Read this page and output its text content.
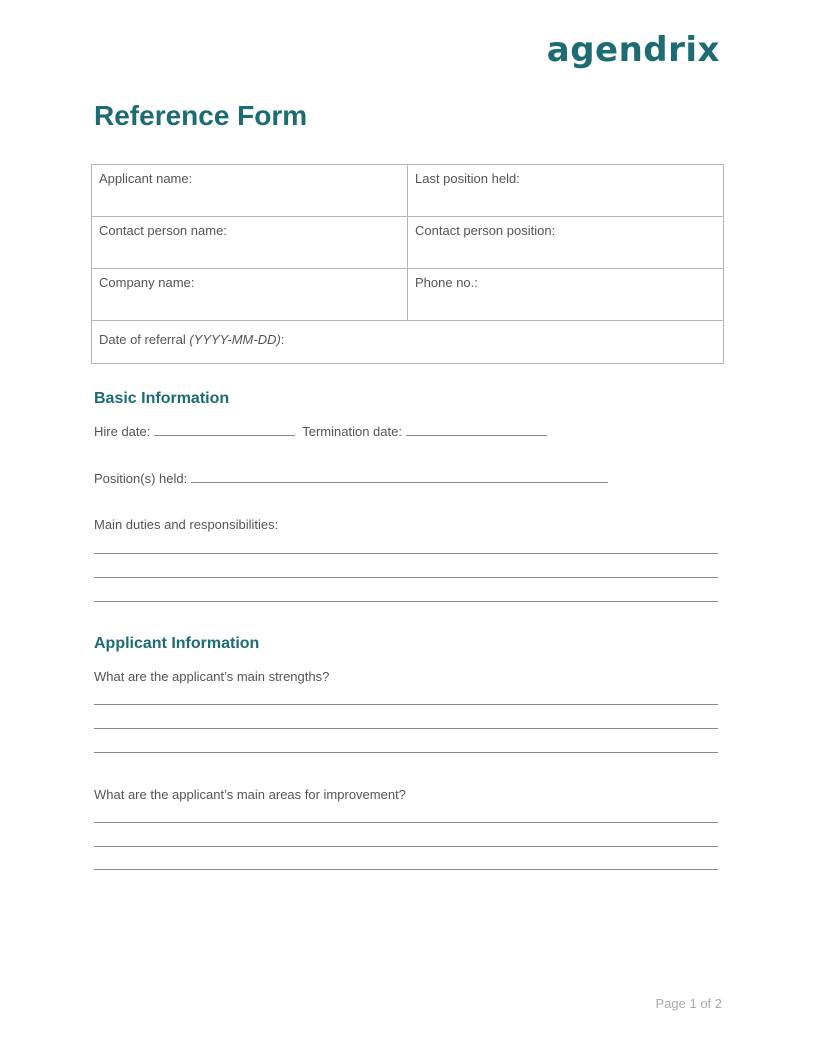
agendrix
Reference Form
Applicant name:	Last position held:
Contact person name:	Contact person position:
Company name:	Phone no.:
Date of referral (YYYY-MM-DD):	
Basic Information
Hire date:	Termination date:
Position(s) held:
Main duties and responsibilities:
Applicant Information
What are the applicant’s main strengths?
What are the applicant’s main areas for improvement?
Page 1 of 2
